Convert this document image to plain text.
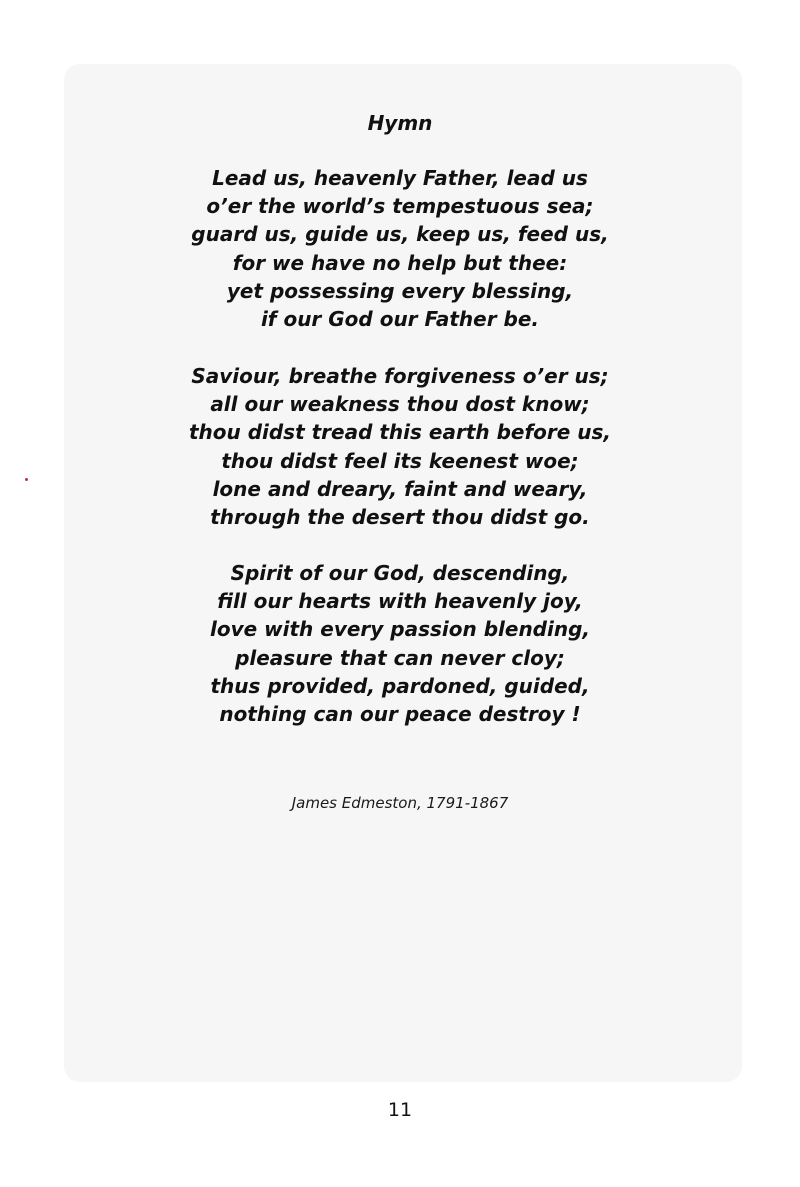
Hymn
Lead us, heavenly Father, lead us
o’er the world’s tempestuous sea;
guard us, guide us, keep us, feed us,
for we have no help but thee:
yet possessing every blessing,
if our God our Father be.
Saviour, breathe forgiveness o’er us;
all our weakness thou dost know;
thou didst tread this earth before us,
thou didst feel its keenest woe;
lone and dreary, faint and weary,
through the desert thou didst go.
Spirit of our God, descending,
fill our hearts with heavenly joy,
love with every passion blending,
pleasure that can never cloy;
thus provided, pardoned, guided,
nothing can our peace destroy !
James Edmeston, 1791-1867
11
